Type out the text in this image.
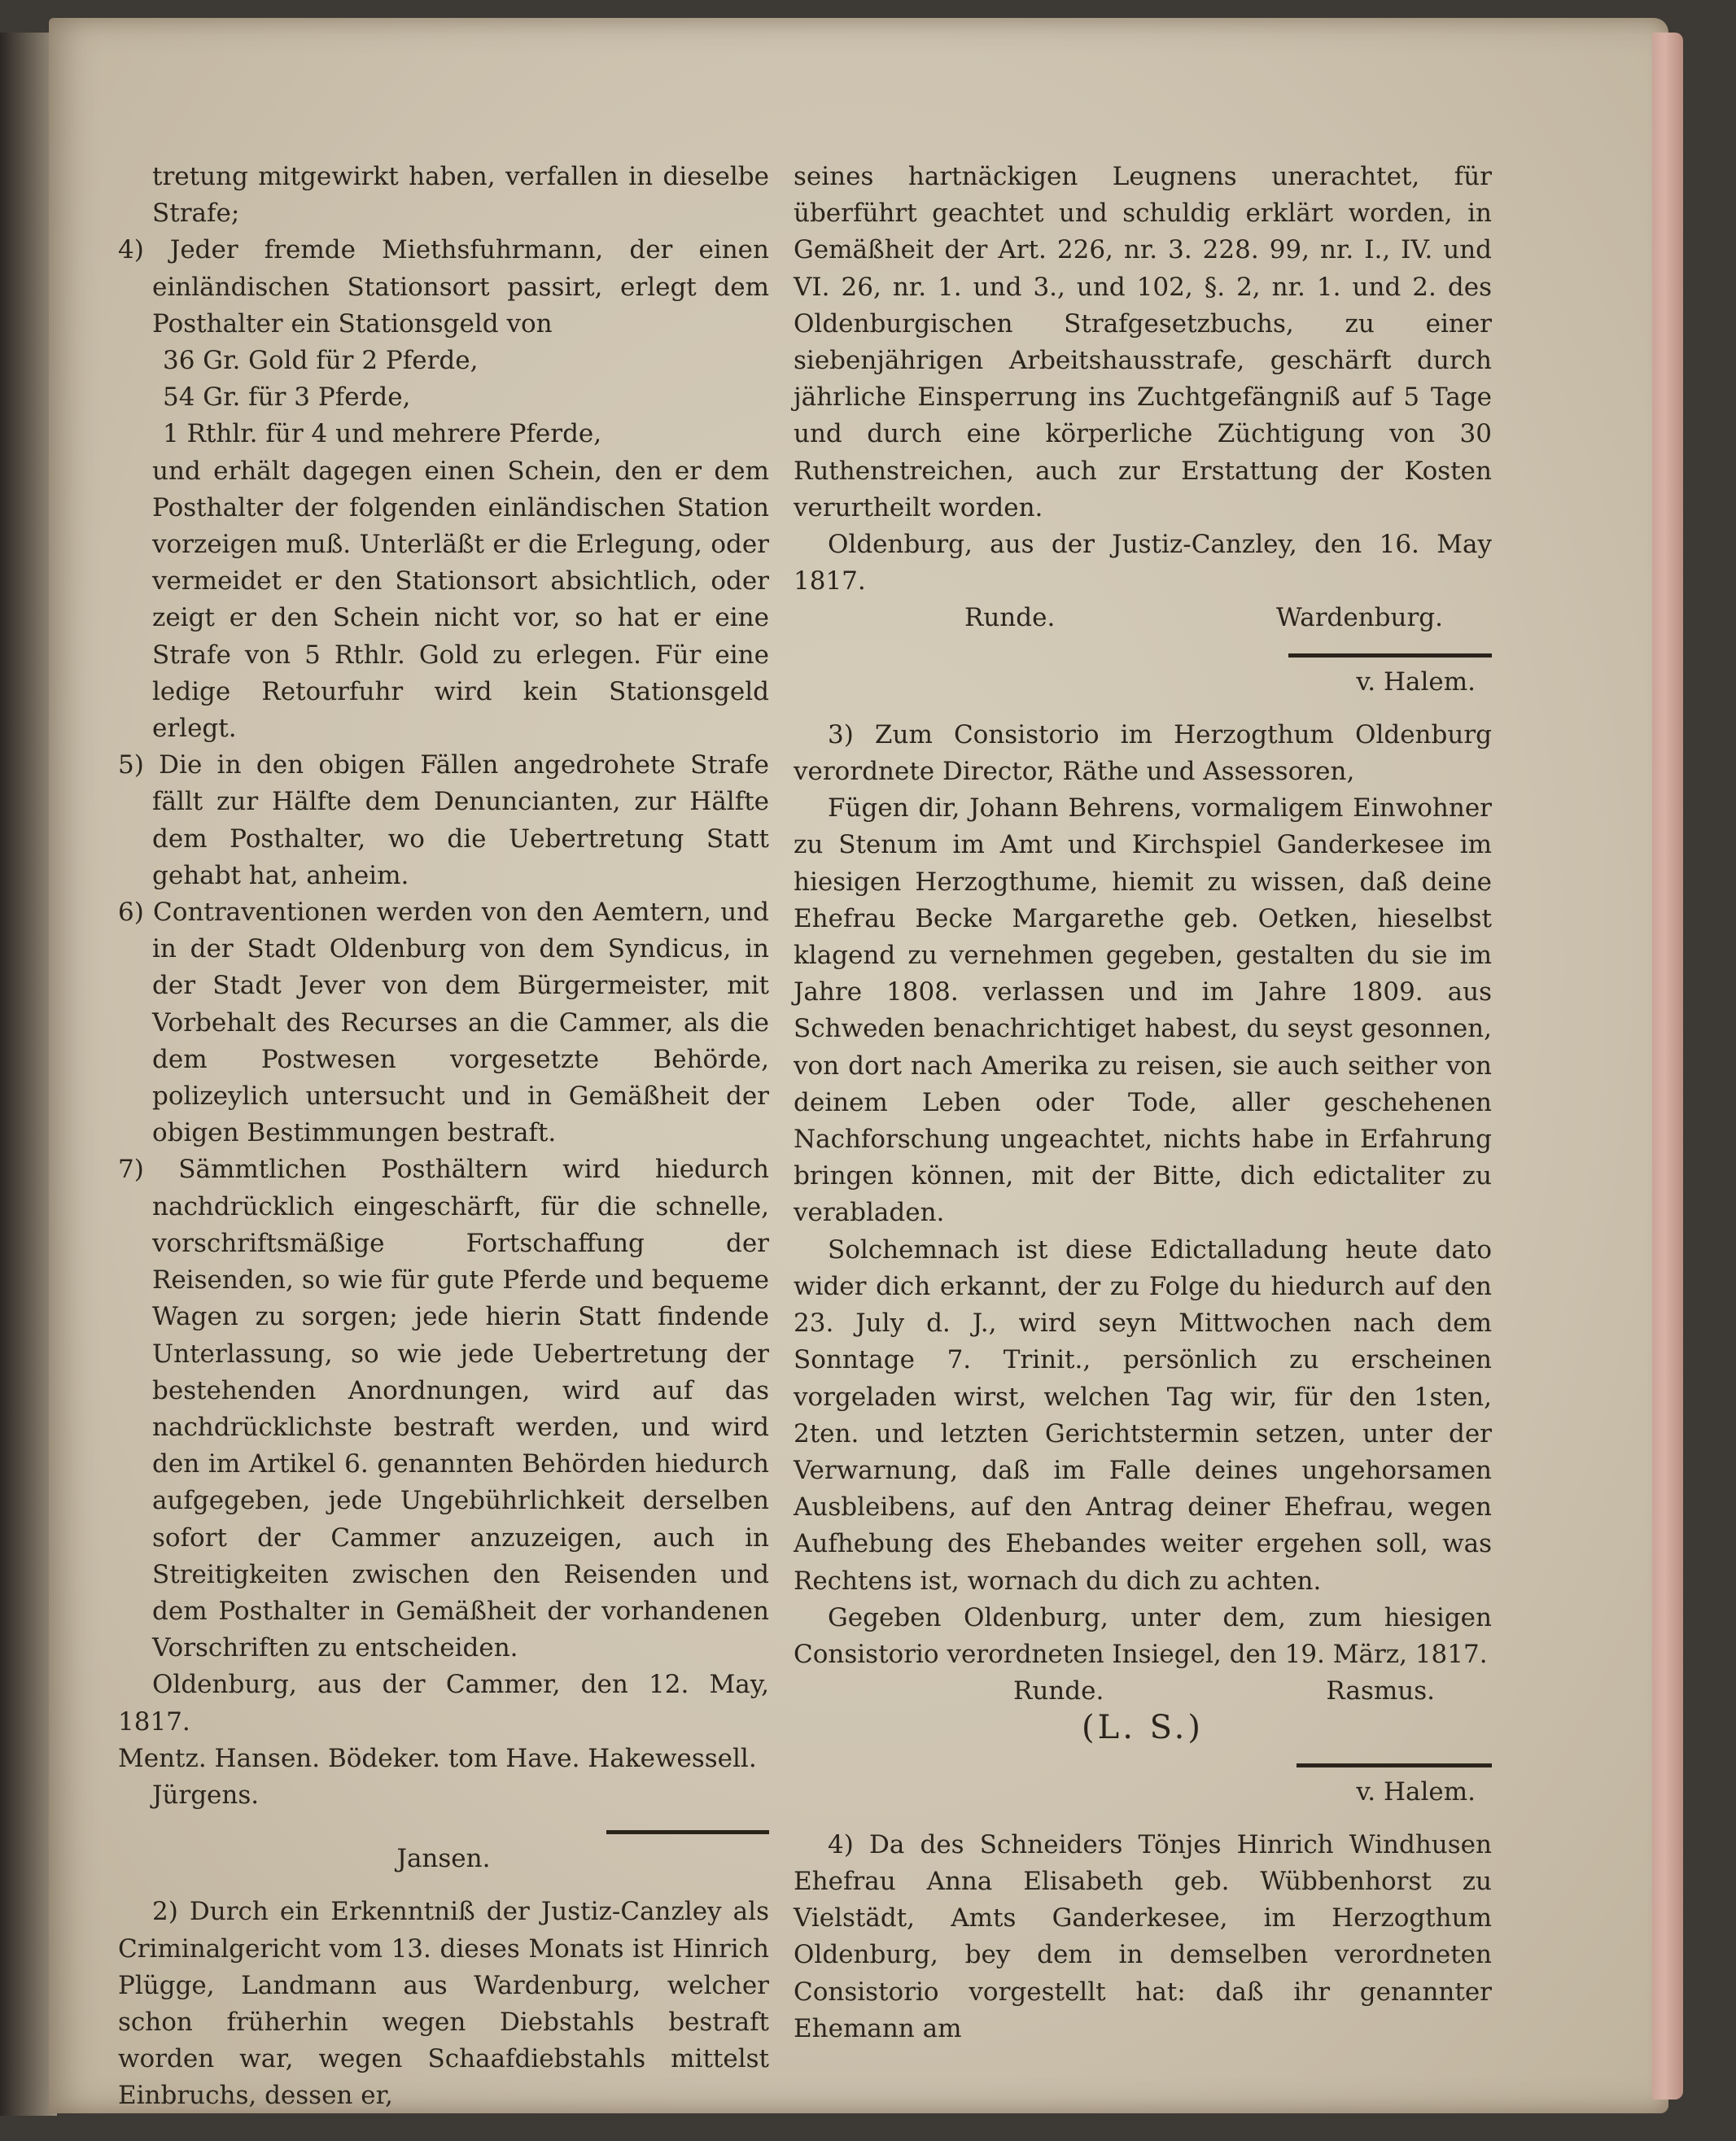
tretung mitgewirkt haben, verfallen in dieselbe Strafe;

4) Jeder fremde Miethsfuhrmann, der einen einländischen Stationsort passirt, erlegt dem Posthalter ein Stationsgeld von

36 Gr. Gold für 2 Pferde,

54 Gr. für 3 Pferde,

1 Rthlr. für 4 und mehrere Pferde,

und erhält dagegen einen Schein, den er dem Posthalter der folgenden einländischen Station vorzeigen muß. Unterläßt er die Erlegung, oder vermeidet er den Stationsort absichtlich, oder zeigt er den Schein nicht vor, so hat er eine Strafe von 5 Rthlr. Gold zu erlegen. Für eine ledige Retourfuhr wird kein Stationsgeld erlegt.

5) Die in den obigen Fällen angedrohete Strafe fällt zur Hälfte dem Denuncianten, zur Hälfte dem Posthalter, wo die Uebertretung Statt gehabt hat, anheim.

6) Contraventionen werden von den Aemtern, und in der Stadt Oldenburg von dem Syndicus, in der Stadt Jever von dem Bürgermeister, mit Vorbehalt des Recurses an die Cammer, als die dem Postwesen vorgesetzte Behörde, polizeylich untersucht und in Gemäßheit der obigen Bestimmungen bestraft.

7) Sämmtlichen Posthältern wird hiedurch nachdrücklich eingeschärft, für die schnelle, vorschriftsmäßige Fortschaffung der Reisenden, so wie für gute Pferde und bequeme Wagen zu sorgen; jede hierin Statt findende Unterlassung, so wie jede Uebertretung der bestehenden Anordnungen, wird auf das nachdrücklichste bestraft werden, und wird den im Artikel 6. genannten Behörden hiedurch aufgegeben, jede Ungebührlichkeit derselben sofort der Cammer anzuzeigen, auch in Streitigkeiten zwischen den Reisenden und dem Posthalter in Gemäßheit der vorhandenen Vorschriften zu entscheiden.

Oldenburg, aus der Cammer, den 12. May, 1817.

Mentz. Hansen. Bödeker. tom Have. Hakewessell.

Jürgens.

Jansen.

2) Durch ein Erkenntniß der Justiz-Canzley als Criminalgericht vom 13. dieses Monats ist Hinrich Plügge, Landmann aus Wardenburg, welcher schon früherhin wegen Diebstahls bestraft worden war, wegen Schaafdiebstahls mittelst Einbruchs, dessen er,

seines hartnäckigen Leugnens unerachtet, für überführt geachtet und schuldig erklärt worden, in Gemäßheit der Art. 226, nr. 3. 228. 99, nr. I., IV. und VI. 26, nr. 1. und 3., und 102, §. 2, nr. 1. und 2. des Oldenburgischen Strafgesetzbuchs, zu einer siebenjährigen Arbeitshausstrafe, geschärft durch jährliche Einsperrung ins Zuchtgefängniß auf 5 Tage und durch eine körperliche Züchtigung von 30 Ruthenstreichen, auch zur Erstattung der Kosten verurtheilt worden.

Oldenburg, aus der Justiz-Canzley, den 16. May 1817.

Runde.	Wardenburg.

v. Halem.

3) Zum Consistorio im Herzogthum Oldenburg verordnete Director, Räthe und Assessoren,

Fügen dir, Johann Behrens, vormaligem Einwohner zu Stenum im Amt und Kirchspiel Ganderkesee im hiesigen Herzogthume, hiemit zu wissen, daß deine Ehefrau Becke Margarethe geb. Oetken, hieselbst klagend zu vernehmen gegeben, gestalten du sie im Jahre 1808. verlassen und im Jahre 1809. aus Schweden benachrichtiget habest, du seyst gesonnen, von dort nach Amerika zu reisen, sie auch seither von deinem Leben oder Tode, aller geschehenen Nachforschung ungeachtet, nichts habe in Erfahrung bringen können, mit der Bitte, dich edictaliter zu verabladen.

Solchemnach ist diese Edictalladung heute dato wider dich erkannt, der zu Folge du hiedurch auf den 23. July d. J., wird seyn Mittwochen nach dem Sonntage 7. Trinit., persönlich zu erscheinen vorgeladen wirst, welchen Tag wir, für den 1sten, 2ten. und letzten Gerichtstermin setzen, unter der Verwarnung, daß im Falle deines ungehorsamen Ausbleibens, auf den Antrag deiner Ehefrau, wegen Aufhebung des Ehebandes weiter ergehen soll, was Rechtens ist, wornach du dich zu achten.

Gegeben Oldenburg, unter dem, zum hiesigen Consistorio verordneten Insiegel, den 19. März, 1817.

Runde.	Rasmus.

(L. S.)

v. Halem.

4) Da des Schneiders Tönjes Hinrich Windhusen Ehefrau Anna Elisabeth geb. Wübbenhorst zu Vielstädt, Amts Ganderkesee, im Herzogthum Oldenburg, bey dem in demselben verordneten Consistorio vorgestellt hat: daß ihr genannter Ehemann am
